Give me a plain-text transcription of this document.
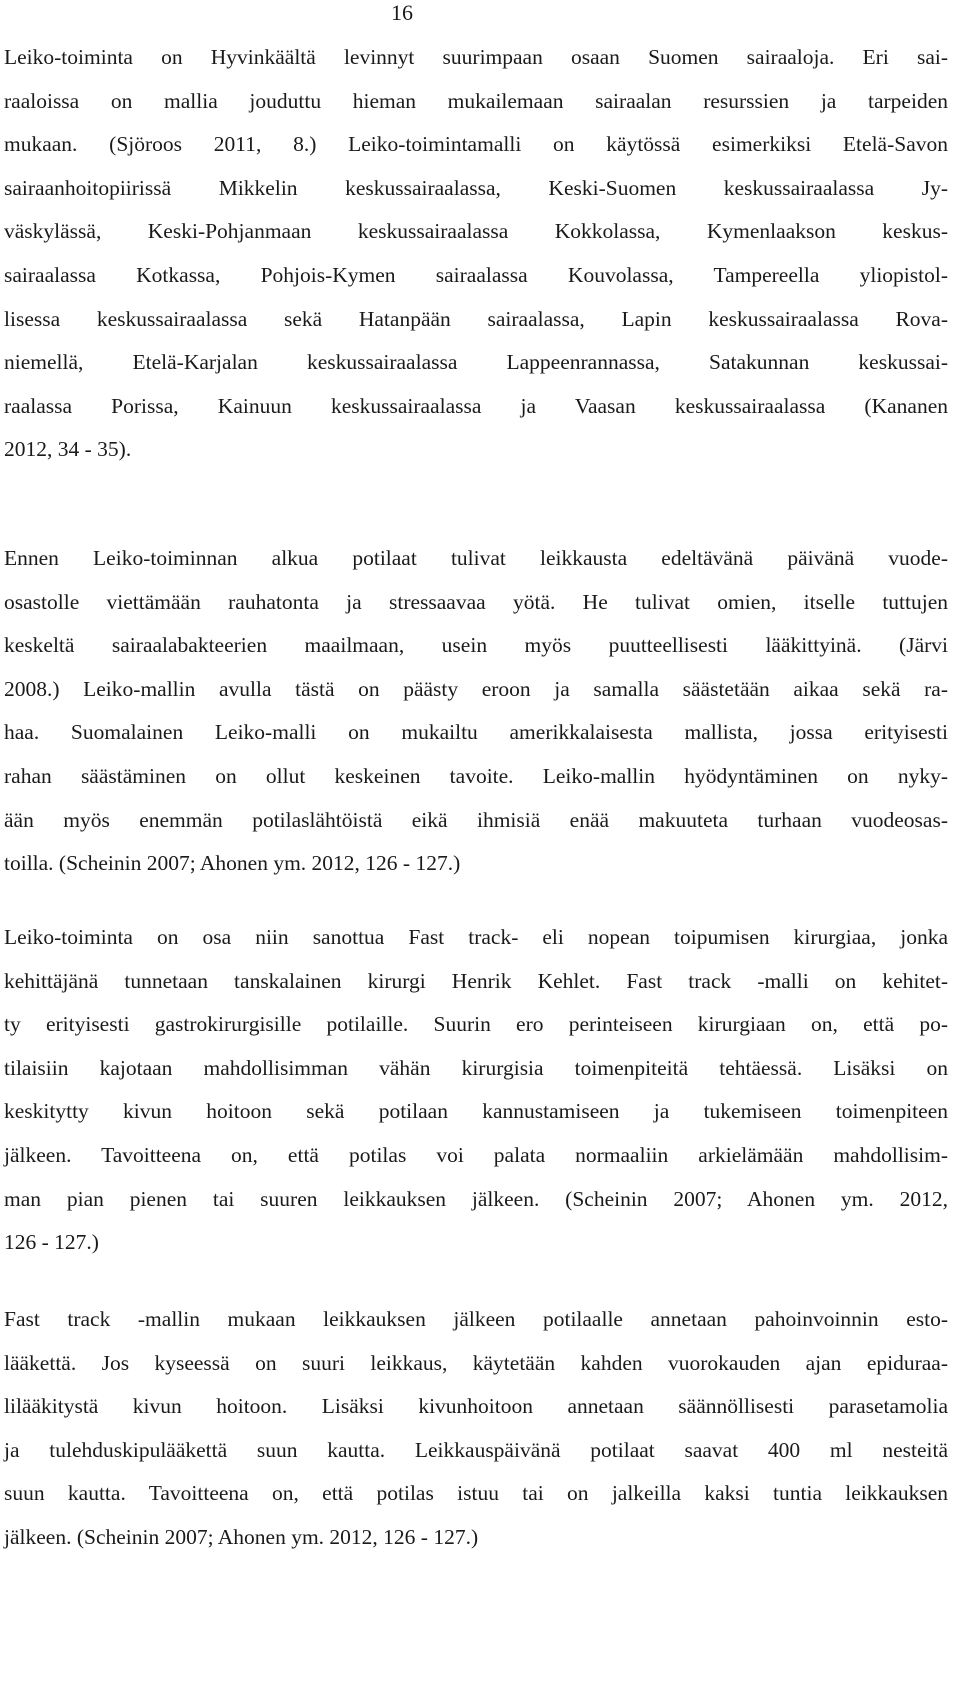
16
Leiko-toiminta on Hyvinkäältä levinnyt suurimpaan osaan Suomen sairaaloja. Eri sai-
raaloissa on mallia jouduttu hieman mukailemaan sairaalan resurssien ja tarpeiden
mukaan. (Sjöroos 2011, 8.) Leiko-toimintamalli on käytössä esimerkiksi Etelä-Savon
sairaanhoitopiirissä Mikkelin keskussairaalassa, Keski-Suomen keskussairaalassa Jy-
väskylässä, Keski-Pohjanmaan keskussairaalassa Kokkolassa, Kymenlaakson keskus-
sairaalassa Kotkassa, Pohjois-Kymen sairaalassa Kouvolassa, Tampereella yliopistol-
lisessa keskussairaalassa sekä Hatanpään sairaalassa, Lapin keskussairaalassa Rova-
niemellä, Etelä-Karjalan keskussairaalassa Lappeenrannassa, Satakunnan keskussai-
raalassa Porissa, Kainuun keskussairaalassa ja Vaasan keskussairaalassa (Kananen
2012, 34 - 35).
Ennen Leiko-toiminnan alkua potilaat tulivat leikkausta edeltävänä päivänä vuode-
osastolle viettämään rauhatonta ja stressaavaa yötä. He tulivat omien, itselle tuttujen
keskeltä sairaalabakteerien maailmaan, usein myös puutteellisesti lääkittyinä. (Järvi
2008.) Leiko-mallin avulla tästä on päästy eroon ja samalla säästetään aikaa sekä ra-
haa. Suomalainen Leiko-malli on mukailtu amerikkalaisesta mallista, jossa erityisesti
rahan säästäminen on ollut keskeinen tavoite. Leiko-mallin hyödyntäminen on nyky-
ään myös enemmän potilaslähtöistä eikä ihmisiä enää makuuteta turhaan vuodeosas-
toilla. (Scheinin 2007; Ahonen ym. 2012, 126 - 127.)
Leiko-toiminta on osa niin sanottua Fast track- eli nopean toipumisen kirurgiaa, jonka
kehittäjänä tunnetaan tanskalainen kirurgi Henrik Kehlet. Fast track -malli on kehitet-
ty erityisesti gastrokirurgisille potilaille. Suurin ero perinteiseen kirurgiaan on, että po-
tilaisiin kajotaan mahdollisimman vähän kirurgisia toimenpiteitä tehtäessä. Lisäksi on
keskitytty kivun hoitoon sekä potilaan kannustamiseen ja tukemiseen toimenpiteen
jälkeen. Tavoitteena on, että potilas voi palata normaaliin arkielämään mahdollisim-
man pian pienen tai suuren leikkauksen jälkeen. (Scheinin 2007; Ahonen ym. 2012,
126 - 127.)
Fast track -mallin mukaan leikkauksen jälkeen potilaalle annetaan pahoinvoinnin esto-
lääkettä. Jos kyseessä on suuri leikkaus, käytetään kahden vuorokauden ajan epiduraa-
lilääkitystä kivun hoitoon. Lisäksi kivunhoitoon annetaan säännöllisesti parasetamolia
ja tulehduskipulääkettä suun kautta. Leikkauspäivänä potilaat saavat 400 ml nesteitä
suun kautta. Tavoitteena on, että potilas istuu tai on jalkeilla kaksi tuntia leikkauksen
jälkeen. (Scheinin 2007; Ahonen ym. 2012, 126 - 127.)
